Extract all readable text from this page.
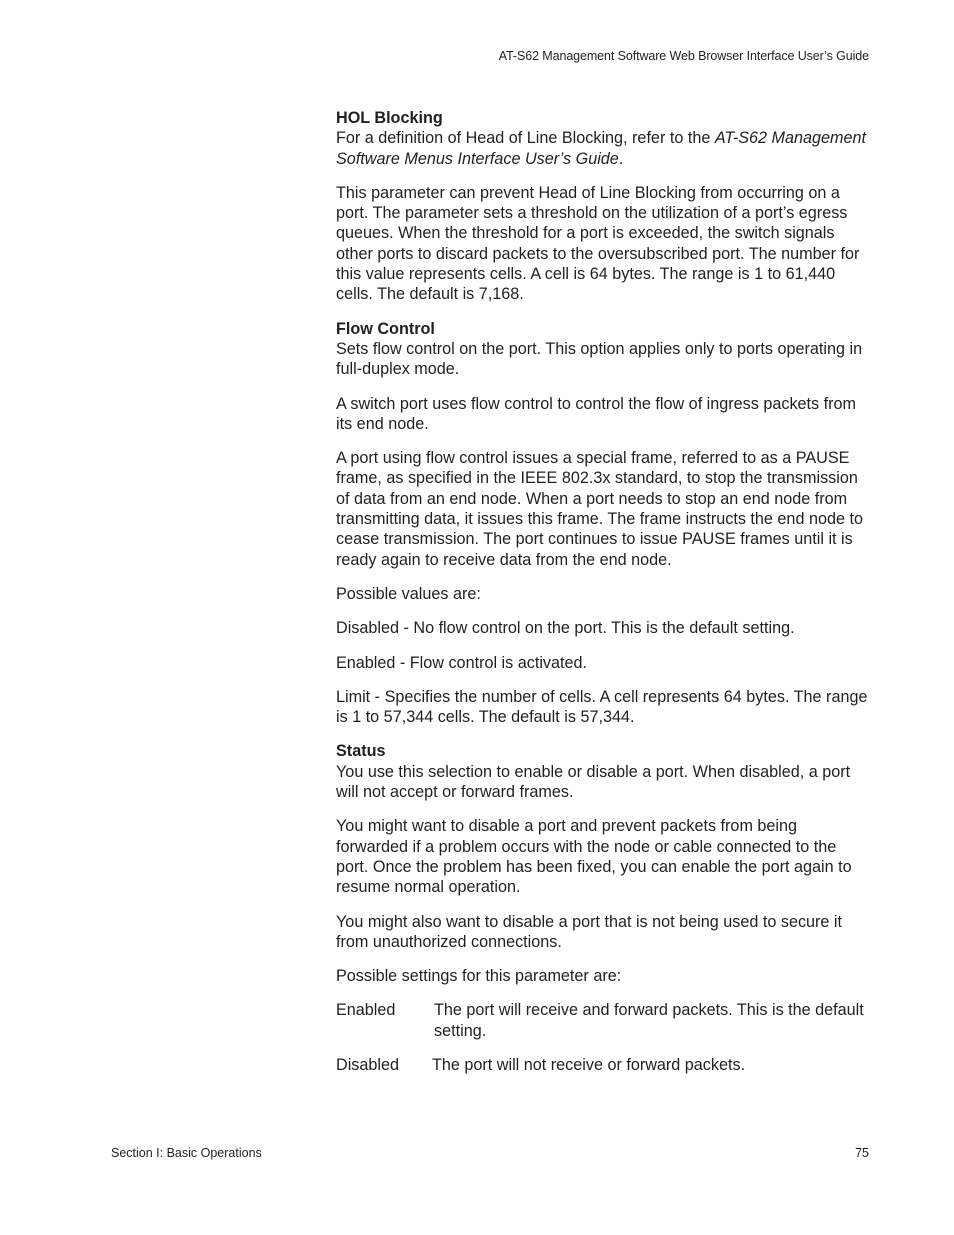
AT-S62 Management Software Web Browser Interface User’s Guide
HOL Blocking

For a definition of Head of Line Blocking, refer to the AT-S62 Management Software Menus Interface User’s Guide.

This parameter can prevent Head of Line Blocking from occurring on a port. The parameter sets a threshold on the utilization of a port’s egress queues. When the threshold for a port is exceeded, the switch signals other ports to discard packets to the oversubscribed port. The number for this value represents cells. A cell is 64 bytes. The range is 1 to 61,440 cells. The default is 7,168.

Flow Control

Sets flow control on the port. This option applies only to ports operating in full-duplex mode.

A switch port uses flow control to control the flow of ingress packets from its end node.

A port using flow control issues a special frame, referred to as a PAUSE frame, as specified in the IEEE 802.3x standard, to stop the transmission of data from an end node. When a port needs to stop an end node from transmitting data, it issues this frame. The frame instructs the end node to cease transmission. The port continues to issue PAUSE frames until it is ready again to receive data from the end node.

Possible values are:

Disabled - No flow control on the port. This is the default setting.

Enabled - Flow control is activated.

Limit - Specifies the number of cells. A cell represents 64 bytes. The range is 1 to 57,344 cells. The default is 57,344.

Status

You use this selection to enable or disable a port. When disabled, a port will not accept or forward frames.

You might want to disable a port and prevent packets from being forwarded if a problem occurs with the node or cable connected to the port. Once the problem has been fixed, you can enable the port again to resume normal operation.

You might also want to disable a port that is not being used to secure it from unauthorized connections.

Possible settings for this parameter are:

Enabled	The port will receive and forward packets. This is the default setting.
Disabled	The port will not receive or forward packets.
Section I: Basic Operations	75
